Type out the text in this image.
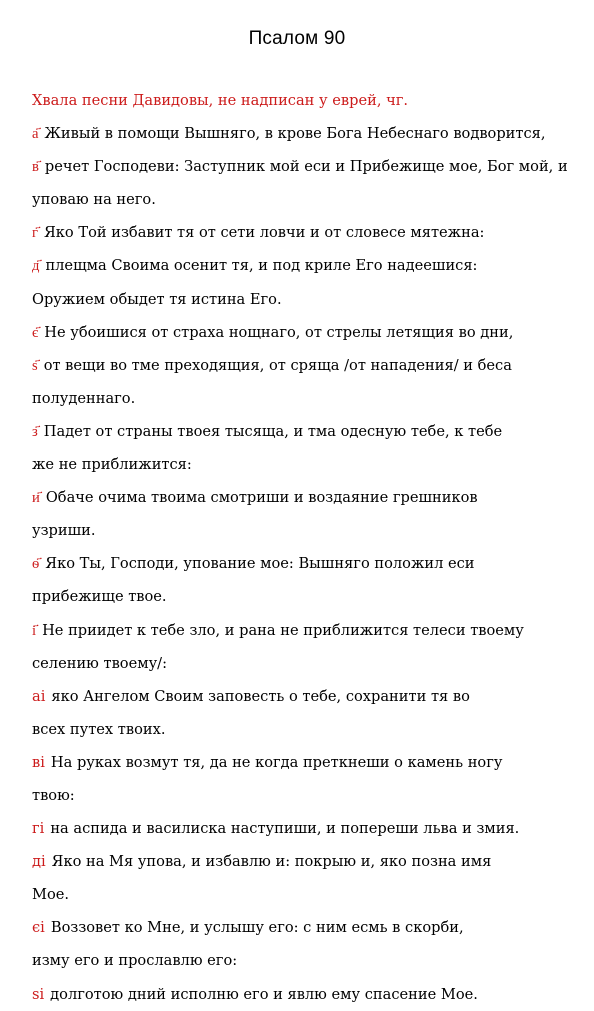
Псалом 90
Хвала песни Давидовы, не надписан у еврей, чг.
а҃ Живый в помощи Вышняго, в крове Бога Небеснаго водворится,
в҃ речет Господеви: Заступник мой еси и Прибежище мое, Бог мой, и
уповаю на него.
г҃ Яко Той избавит тя от сети ловчи и от словесе мятежна:
д҃ плещма Своима осенит тя, и под криле Его надеешися:
Оружием обыдет тя истина Его.
є҃ Не убоишися от страха нощнаго, от стрелы летящия во дни,
ѕ҃ от вещи во тме преходящия, от сряща /от нападения/ и беса
полуденнаго.
з҃ Падет от страны твоея тысяща, и тма одесную тебе, к тебе
же не приближится:
и҃ Обаче очима твоима смотриши и воздаяние грешников
узриши.
ѳ҃ Яко Ты, Господи, упование мое: Вышняго положил еси
прибежище твое.
і҃ Не приидет к тебе зло, и рана не приближится телеси твоему
селению твоему/:
аі яко Ангелом Своим заповесть о тебе, сохранити тя во
всех путех твоих.
ві На руках возмут тя, да не когда преткнеши о камень ногу
твою:
гі на аспида и василиска наступиши, и попереши льва и змия.
ді Яко на Мя упова, и избавлю и: покрыю и, яко позна имя
Мое.
єі Воззовет ко Мне, и услышу его: с ним есмь в скорби,
изму его и прославлю его:
ѕі долготою дний исполню его и явлю ему спасение Мое.
